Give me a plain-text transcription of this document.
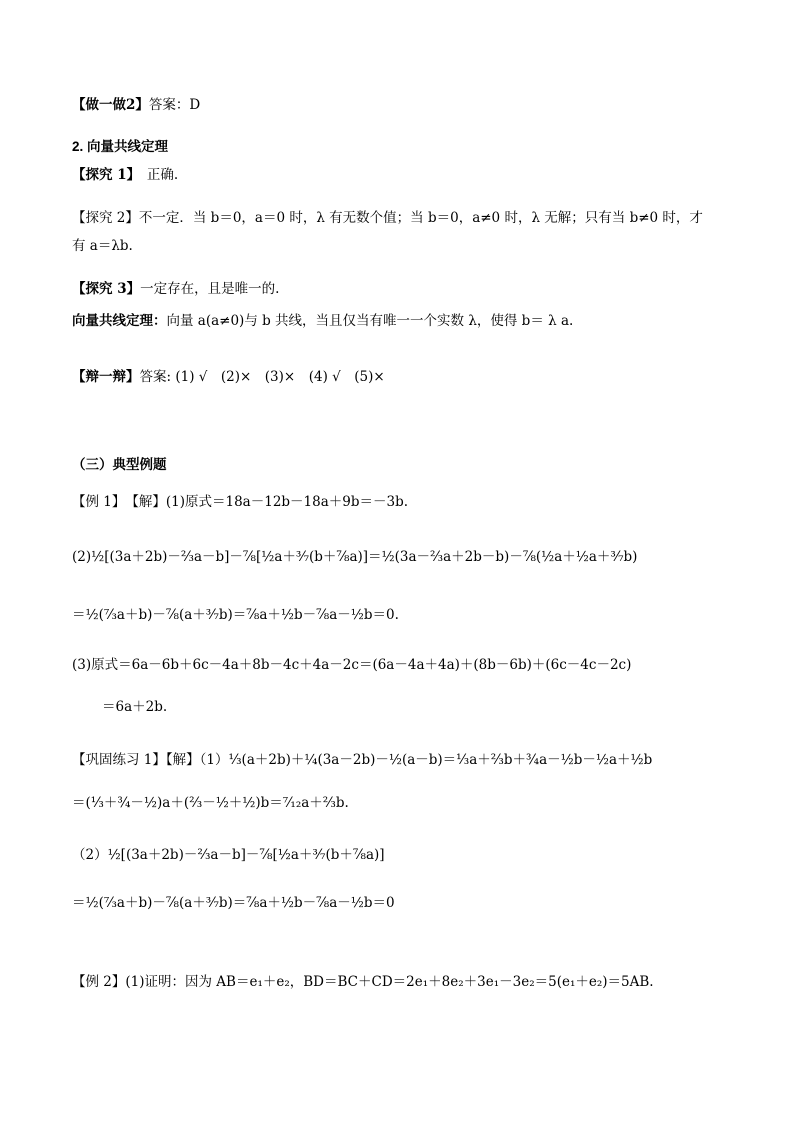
【做一做2】答案：D
2. 向量共线定理
【探究 1】　正确.
【探究 2】不一定．当 b＝0，a＝0 时，λ 有无数个值；当 b＝0，a≠0 时，λ 无解；只有当 b≠0 时，才
有 a＝λb.
【探究 3】一定存在，且是唯一的.
向量共线定理：向量 a(a≠0)与 b 共线，当且仅当有唯一一个实数 λ，使得 b＝ λ a.
【辩一辩】答案: (1) √　(2)×　(3)×　(4) √　(5)×
（三）典型例题
【例 1】　【解】(1)原式＝18a－12b－18a＋9b＝－3b.
(2)½[(3a＋2b)－⅔a－b]－⅞[½a＋³⁄₇(b＋⅞a)]＝½(3a－⅔a＋2b－b)－⅞(½a＋½a＋³⁄₇b)
＝½(⁷⁄₃a＋b)－⅞(a＋³⁄₇b)＝⅞a＋½b－⅞a－½b＝0.
(3)原式＝6a－6b＋6c－4a＋8b－4c＋4a－2c＝(6a－4a＋4a)＋(8b－6b)＋(6c－4c－2c)
＝6a＋2b.
【巩固练习 1】【解】（1）⅓(a＋2b)＋¼(3a－2b)－½(a－b)＝⅓a＋⅔b＋¾a－½b－½a＋½b
＝(⅓＋¾－½)a＋(⅔－½＋½)b＝⁷⁄₁₂a＋⅔b.
（2）½[(3a＋2b)－⅔a－b]－⅞[½a＋³⁄₇(b＋⅞a)]
＝½(⁷⁄₃a＋b)－⅞(a＋³⁄₇b)＝⅞a＋½b－⅞a－½b＝0
【例 2】(1)证明：因为 AB＝e₁＋e₂，BD＝BC＋CD＝2e₁＋8e₂＋3e₁－3e₂＝5(e₁＋e₂)＝5AB.
